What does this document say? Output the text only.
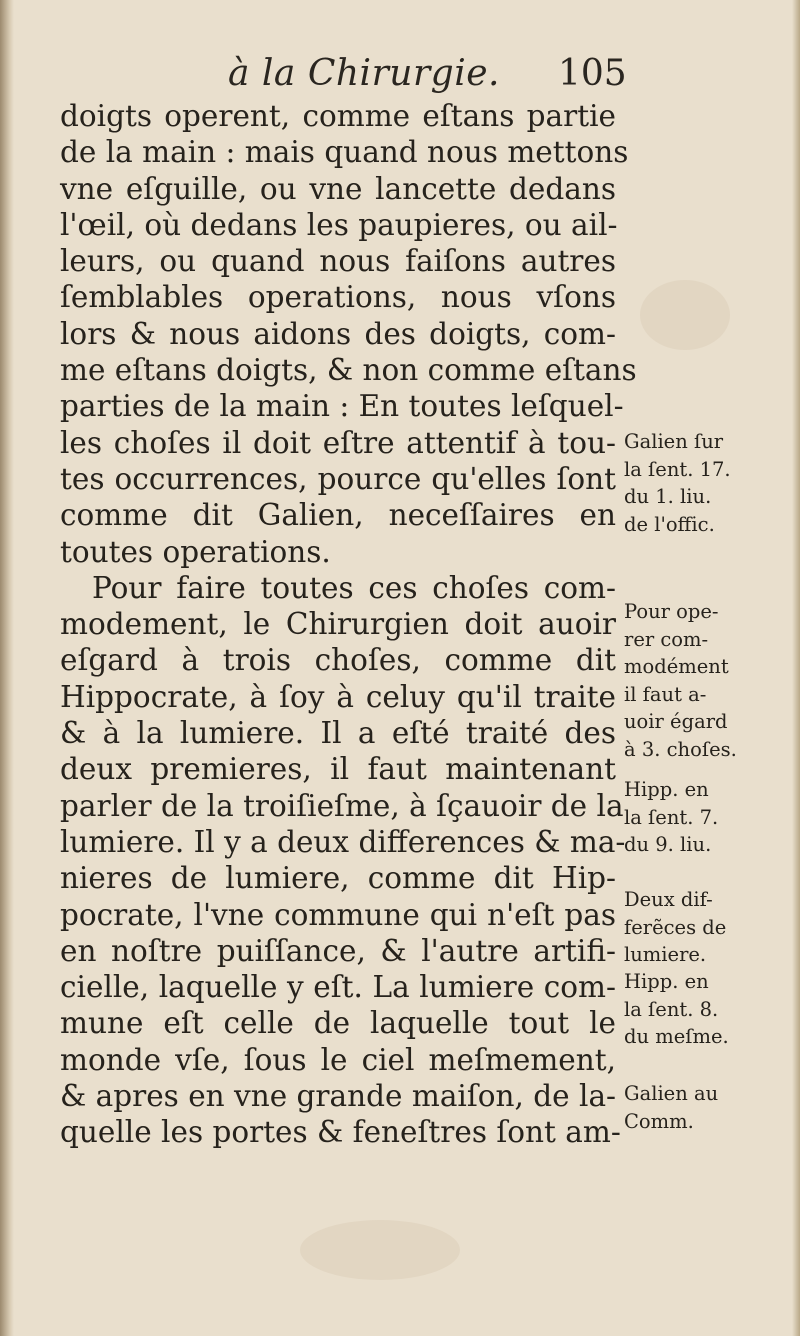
à la Chirurgie. 105
doigts operent, comme eſtans partie
de la main : mais quand nous mettons
vne eſguille, ou vne lancette dedans
l'œil, où dedans les paupieres, ou ail-
leurs, ou quand nous faiſons autres
ſemblables operations, nous vſons
lors & nous aidons des doigts, com-
me eſtans doigts, & non comme eſtans
parties de la main : En toutes leſquel-
les choſes il doit eſtre attentif à tou-
tes occurrences, pource qu'elles ſont
comme dit Galien, neceſſaires en
toutes operations.
Pour faire toutes ces choſes com-
modement, le Chirurgien doit auoir
eſgard à trois choſes, comme dit
Hippocrate, à ſoy à celuy qu'il traite
& à la lumiere. Il a eſté traité des
deux premieres, il faut maintenant
parler de la troiſieſme, à ſçauoir de la
lumiere. Il y a deux differences & ma-
nieres de lumiere, comme dit Hip-
pocrate, l'vne commune qui n'eſt pas
en noſtre puiſſance, & l'autre artifi-
cielle, laquelle y eſt. La lumiere com-
mune eſt celle de laquelle tout le
monde vſe, ſous le ciel meſmement,
& apres en vne grande maiſon, de la-
quelle les portes & feneſtres ſont am-
Galien ſur
la ſent. 17.
du 1. liu.
de l'offic.
Pour ope-
rer com-
modément
il faut a-
uoir égard
à 3. choſes.
Hipp. en
la ſent. 7.
du 9. liu.
Deux dif-
ferẽces de
lumiere.
Hipp. en
la ſent. 8.
du meſme.
Galien au
Comm.
